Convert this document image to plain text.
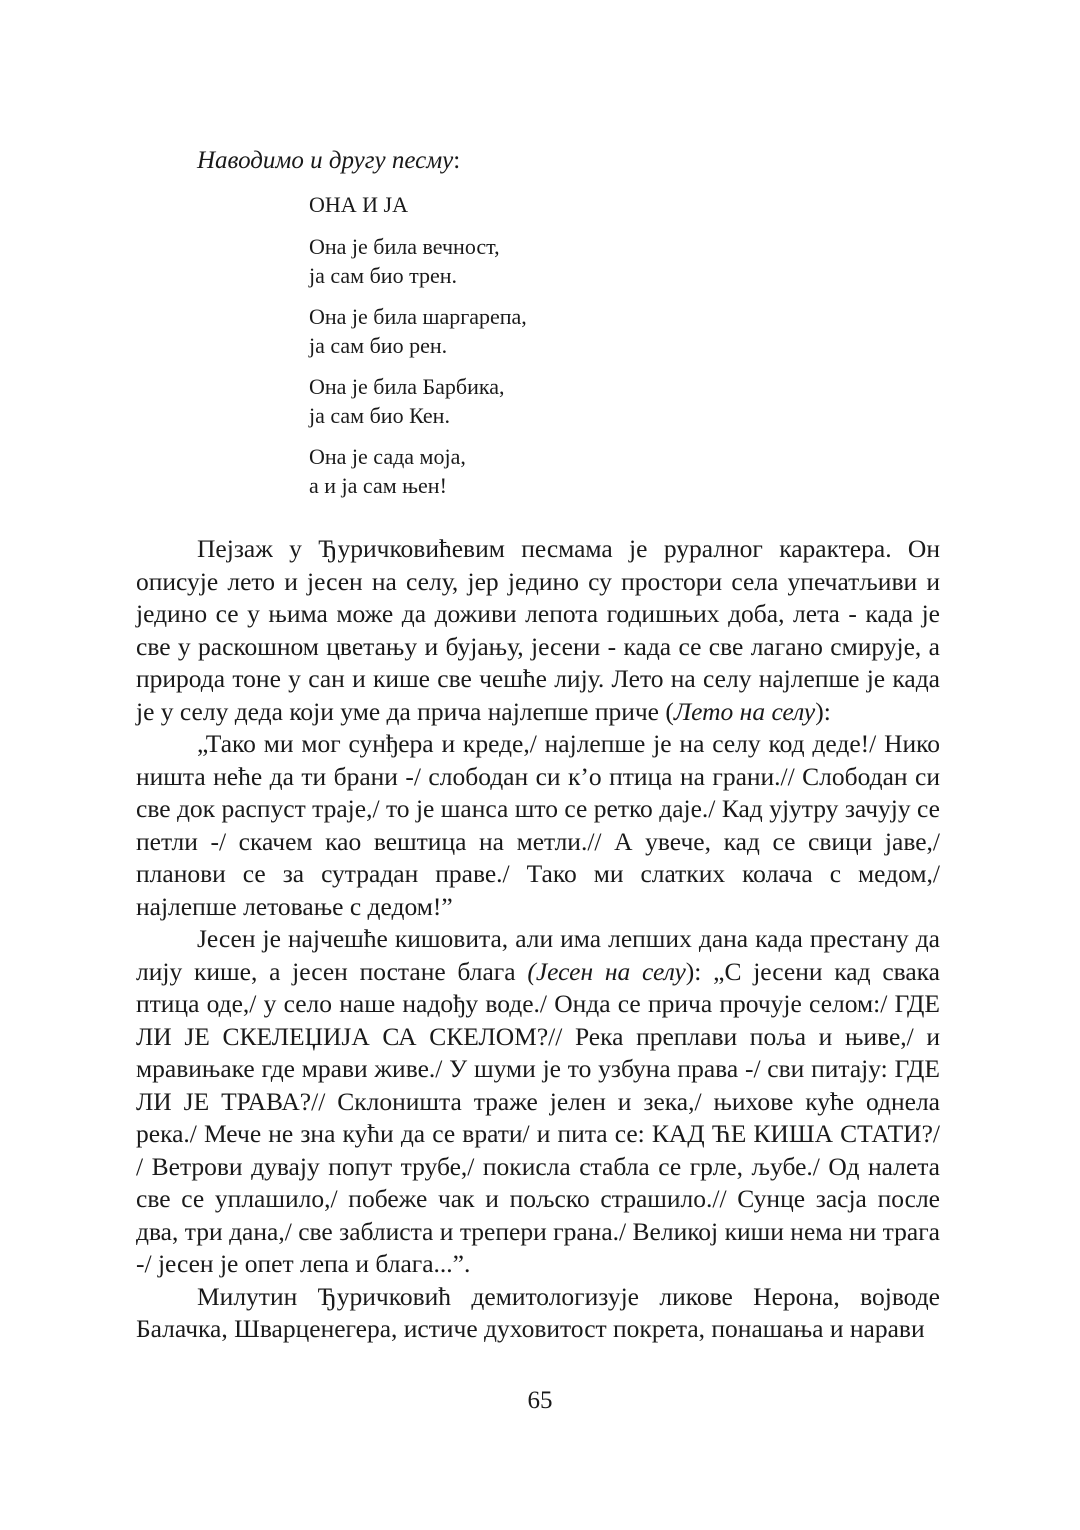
Наводимо и другу песму:

ОНА И ЈА

Она је била вечност,
ја сам био трен.

Она је била шаргарепа,
ја сам био рен.

Она је била Барбика,
ја сам био Кен.

Она је сада моја,
а и ја сам њен!

Пејзаж у Ђуричковићевим песмама је руралног карактера. Он описује лето и јесен на селу, јер једино су простори села упечатљиви и једино се у њима може да доживи лепота годишњих доба, лета - када је све у раскошном цветању и бујању, јесени - када се све лагано смирује, а природа тоне у сан и кише све чешће лију. Лето на селу најлепше је када је у селу деда који уме да прича најлепше приче (Лето на селу):

„Тако ми мог сунђера и креде,/ најлепше је на селу код деде!/ Нико ништа неће да ти брани -/ слободан си к’о птица на грани.// Слободан си све док распуст траје,/ то је шанса што се ретко даје./ Кад ујутру зачују се петли -/ скачем као вештица на метли.// А увече, кад се свици јаве,/ планови се за сутрадан праве./ Тако ми слатких колача с медом,/ најлепше летовање с дедом!”

Јесен је најчешће кишовита, али има лепших дана када престану да лију кише, а јесен постане блага (Јесен на селу): „С јесени кад свака птица оде,/ у село наше надођу воде./ Онда се прича прочује селом:/ ГДЕ ЛИ ЈЕ СКЕЛЕЏИЈА СА СКЕЛОМ?// Река преплави поља и њиве,/ и мравињаке где мрави живе./ У шуми је то узбуна права -/ сви питају: ГДЕ ЛИ ЈЕ ТРАВА?// Склоништа траже јелен и зека,/ њихове куће однела река./ Мече не зна кући да се врати/ и пита се: КАД ЋЕ КИША СТАТИ?/ / Ветрови дувају попут трубе,/ покисла стабла се грле, љубе./ Од налета све се уплашило,/ побеже чак и пољско страшило.// Сунце засја после два, три дана,/ све заблиста и трепери грана./ Великој киши нема ни трага -/ јесен је опет лепа и блага...”.

Милутин Ђуричковић демитологизује ликове Нерона, војводе Балачка, Шварценегера, истиче духовитост покрета, понашања и нарави

65
